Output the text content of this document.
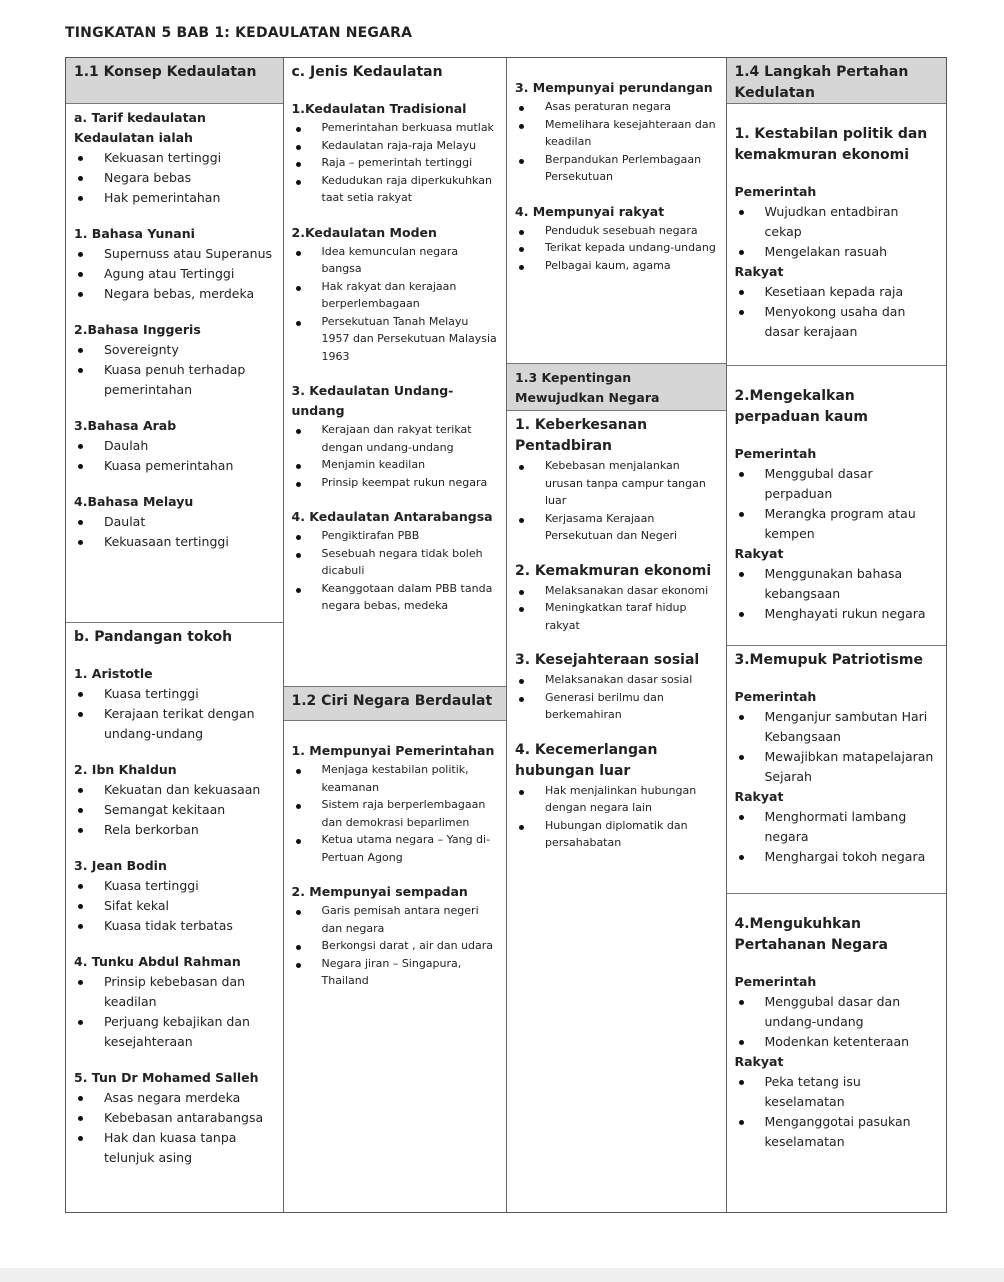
TINGKATAN 5 BAB 1: KEDAULATAN NEGARA
1.1 Konsep Kedaulatan
a. Tarif kedaulatan
Kedaulatan ialah
Kekuasan tertinggi
Negara bebas
Hak pemerintahan
1. Bahasa Yunani
Supernuss atau Superanus
Agung atau Tertinggi
Negara bebas, merdeka
2.Bahasa Inggeris
Sovereignty
Kuasa penuh terhadap pemerintahan
3.Bahasa Arab
Daulah
Kuasa pemerintahan
4.Bahasa Melayu
Daulat
Kekuasaan tertinggi
b. Pandangan tokoh
1. Aristotle
Kuasa tertinggi
Kerajaan terikat dengan undang-undang
2. Ibn Khaldun
Kekuatan dan kekuasaan
Semangat kekitaan
Rela berkorban
3. Jean Bodin
Kuasa tertinggi
Sifat kekal
Kuasa tidak terbatas
4. Tunku Abdul Rahman
Prinsip kebebasan dan keadilan
Perjuang kebajikan dan kesejahteraan
5. Tun Dr Mohamed Salleh
Asas negara merdeka
Kebebasan antarabangsa
Hak dan kuasa tanpa telunjuk asing
c. Jenis Kedaulatan
1.Kedaulatan Tradisional
Pemerintahan berkuasa mutlak
Kedaulatan raja-raja Melayu
Raja – pemerintah tertinggi
Kedudukan raja diperkukuhkan taat setia rakyat
2.Kedaulatan Moden
Idea kemunculan negara bangsa
Hak rakyat dan kerajaan berperlembagaan
Persekutuan Tanah Melayu 1957 dan Persekutuan Malaysia 1963
3. Kedaulatan Undang-undang
Kerajaan dan rakyat terikat dengan undang-undang
Menjamin keadilan
Prinsip keempat rukun negara
4. Kedaulatan Antarabangsa
Pengiktirafan PBB
Sesebuah negara tidak boleh dicabuli
Keanggotaan dalam PBB tanda negara bebas, medeka
1.2 Ciri Negara Berdaulat
1. Mempunyai Pemerintahan
Menjaga kestabilan politik, keamanan
Sistem raja berperlembagaan dan demokrasi beparlimen
Ketua utama negara – Yang di-Pertuan Agong
2. Mempunyai sempadan
Garis pemisah antara negeri dan negara
Berkongsi darat , air dan udara
Negara jiran – Singapura, Thailand
3. Mempunyai perundangan
Asas peraturan negara
Memelihara kesejahteraan dan keadilan
Berpandukan Perlembagaan Persekutuan
4. Mempunyai rakyat
Penduduk sesebuah negara
Terikat kepada undang-undang
Pelbagai kaum, agama
1.3 Kepentingan Mewujudkan Negara
1. Keberkesanan Pentadbiran
Kebebasan menjalankan urusan tanpa campur tangan luar
Kerjasama Kerajaan Persekutuan dan Negeri
2. Kemakmuran ekonomi
Melaksanakan dasar ekonomi
Meningkatkan taraf hidup rakyat
3. Kesejahteraan sosial
Melaksanakan dasar sosial
Generasi berilmu dan berkemahiran
4. Kecemerlangan hubungan luar
Hak menjalinkan hubungan dengan negara lain
Hubungan diplomatik dan persahabatan
1.4 Langkah Pertahan Kedulatan
1. Kestabilan politik dan kemakmuran ekonomi
Pemerintah
Wujudkan entadbiran cekap
Mengelakan rasuah
Rakyat
Kesetiaan kepada raja
Menyokong usaha dan dasar kerajaan
2.Mengekalkan perpaduan kaum
Pemerintah
Menggubal dasar perpaduan
Merangka program atau kempen
Rakyat
Menggunakan bahasa kebangsaan
Menghayati rukun negara
3.Memupuk Patriotisme
Pemerintah
Menganjur sambutan Hari Kebangsaan
Mewajibkan matapelajaran Sejarah
Rakyat
Menghormati lambang negara
Menghargai tokoh negara
4.Mengukuhkan Pertahanan Negara
Pemerintah
Menggubal dasar dan undang-undang
Modenkan ketenteraan
Rakyat
Peka tetang isu keselamatan
Menganggotai pasukan keselamatan
